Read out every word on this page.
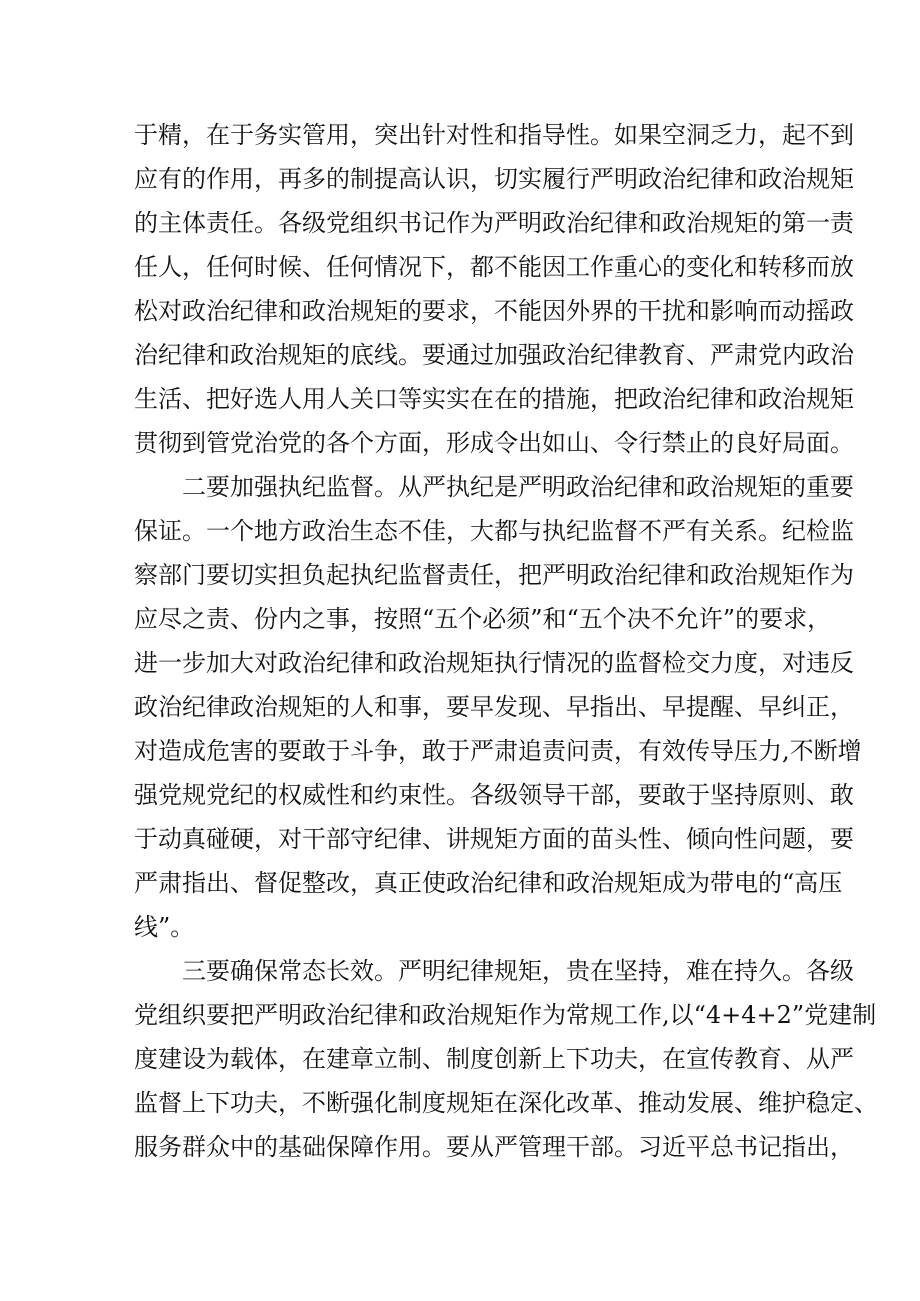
于精，在于务实管用，突出针对性和指导性。如果空洞乏力，起不到
应有的作用，再多的制提高认识，切实履行严明政治纪律和政治规矩
的主体责任。各级党组织书记作为严明政治纪律和政治规矩的第一责
任人，任何时候、任何情况下，都不能因工作重心的变化和转移而放
松对政治纪律和政治规矩的要求，不能因外界的干扰和影响而动摇政
治纪律和政治规矩的底线。要通过加强政治纪律教育、严肃党内政治
生活、把好选人用人关口等实实在在的措施，把政治纪律和政治规矩
贯彻到管党治党的各个方面，形成令出如山、令行禁止的良好局面。
二要加强执纪监督。从严执纪是严明政治纪律和政治规矩的重要
保证。一个地方政治生态不佳，大都与执纪监督不严有关系。纪检监
察部门要切实担负起执纪监督责任，把严明政治纪律和政治规矩作为
应尽之责、份内之事，按照“五个必须”和“五个决不允许”的要求，
进一步加大对政治纪律和政治规矩执行情况的监督检交力度，对违反
政治纪律政治规矩的人和事，要早发现、早指出、早提醒、早纠正，
对造成危害的要敢于斗争，敢于严肃追责问责，有效传导压力,不断增
强党规党纪的权威性和约束性。各级领导干部，要敢于坚持原则、敢
于动真碰硬，对干部守纪律、讲规矩方面的苗头性、倾向性问题，要
严肃指出、督促整改，真正使政治纪律和政治规矩成为带电的“高压
线”。
三要确保常态长效。严明纪律规矩，贵在坚持，难在持久。各级
党组织要把严明政治纪律和政治规矩作为常规工作,以“4+4+2”党建制
度建设为载体，在建章立制、制度创新上下功夫，在宣传教育、从严
监督上下功夫，不断强化制度规矩在深化改革、推动发展、维护稳定、
服务群众中的基础保障作用。要从严管理干部。习近平总书记指出，
